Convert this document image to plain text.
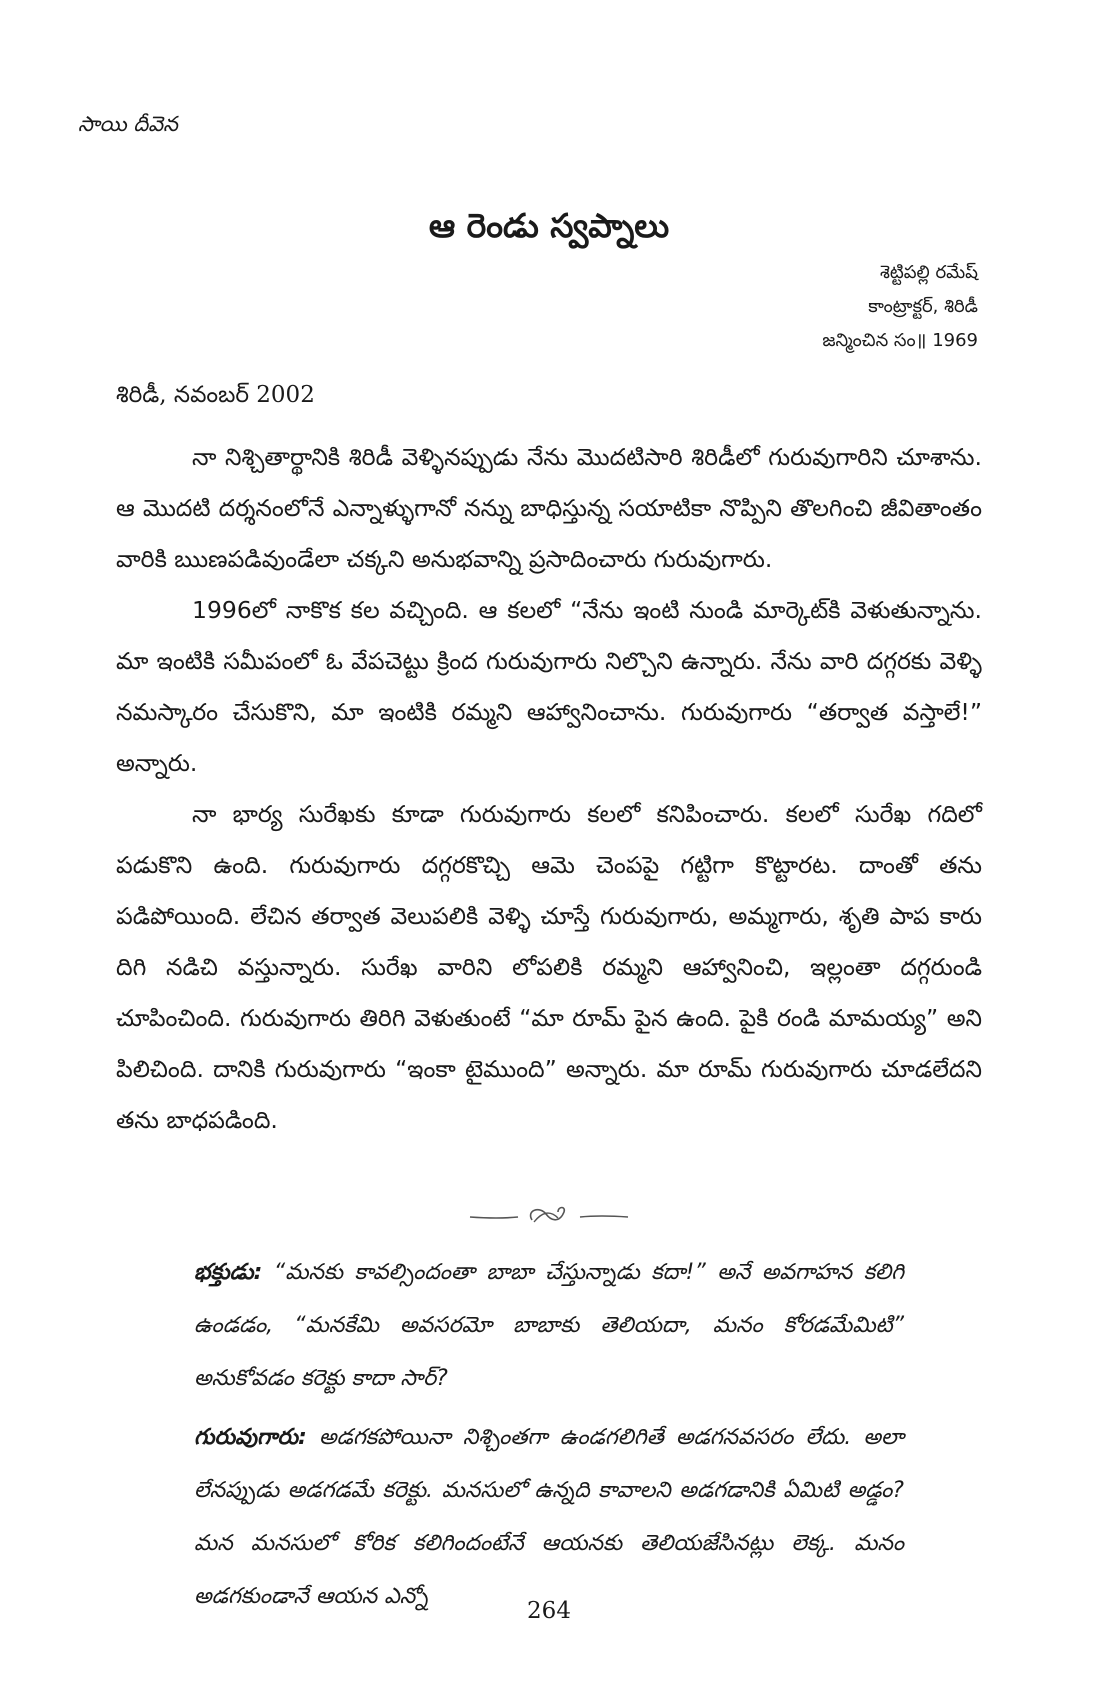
సాయి దీవెన
ఆ రెండు స్వప్నాలు
శెట్టిపల్లి రమేష్
కాంట్రాక్టర్, శిరిడీ
జన్మించిన సం॥ 1969
శిరిడీ, నవంబర్ 2002

నా నిశ్చితార్థానికి శిరిడీ వెళ్ళినప్పుడు నేను మొదటిసారి శిరిడీలో గురువుగారిని చూశాను. ఆ మొదటి దర్శనంలోనే ఎన్నాళ్ళుగానో నన్ను బాధిస్తున్న సయాటికా నొప్పిని తొలగించి జీవితాంతం వారికి ఋణపడివుండేలా చక్కని అనుభవాన్ని ప్రసాదించారు గురువుగారు.

1996లో నాకొక కల వచ్చింది. ఆ కలలో “నేను ఇంటి నుండి మార్కెట్‌కి వెళుతున్నాను. మా ఇంటికి సమీపంలో ఓ వేపచెట్టు క్రింద గురువుగారు నిల్చొని ఉన్నారు. నేను వారి దగ్గరకు వెళ్ళి నమస్కారం చేసుకొని, మా ఇంటికి రమ్మని ఆహ్వానించాను. గురువుగారు “తర్వాత వస్తాలే!” అన్నారు.

నా భార్య సురేఖకు కూడా గురువుగారు కలలో కనిపించారు. కలలో సురేఖ గదిలో పడుకొని ఉంది. గురువుగారు దగ్గరకొచ్చి ఆమె చెంపపై గట్టిగా కొట్టారట. దాంతో తను పడిపోయింది. లేచిన తర్వాత వెలుపలికి వెళ్ళి చూస్తే గురువుగారు, అమ్మగారు, శృతి పాప కారు దిగి నడిచి వస్తున్నారు. సురేఖ వారిని లోపలికి రమ్మని ఆహ్వానించి, ఇల్లంతా దగ్గరుండి చూపించింది. గురువుగారు తిరిగి వెళుతుంటే “మా రూమ్ పైన ఉంది. పైకి రండి మామయ్య” అని పిలిచింది. దానికి గురువుగారు “ఇంకా టైముంది” అన్నారు. మా రూమ్ గురువుగారు చూడలేదని తను బాధపడింది.

భక్తుడు: “మనకు కావల్సిందంతా బాబా చేస్తున్నాడు కదా!” అనే అవగాహన కలిగి ఉండడం, “మనకేమి అవసరమో బాబాకు తెలియదా, మనం కోరడమేమిటి” అనుకోవడం కరెక్టు కాదా సార్?

గురువుగారు: అడగకపోయినా నిశ్చింతగా ఉండగలిగితే అడగనవసరం లేదు. అలా లేనప్పుడు అడగడమే కరెక్టు. మనసులో ఉన్నది కావాలని అడగడానికి ఏమిటి అడ్డం? మన మనసులో కోరిక కలిగిందంటేనే ఆయనకు తెలియజేసినట్లు లెక్క. మనం అడగకుండానే ఆయన ఎన్నో

264
